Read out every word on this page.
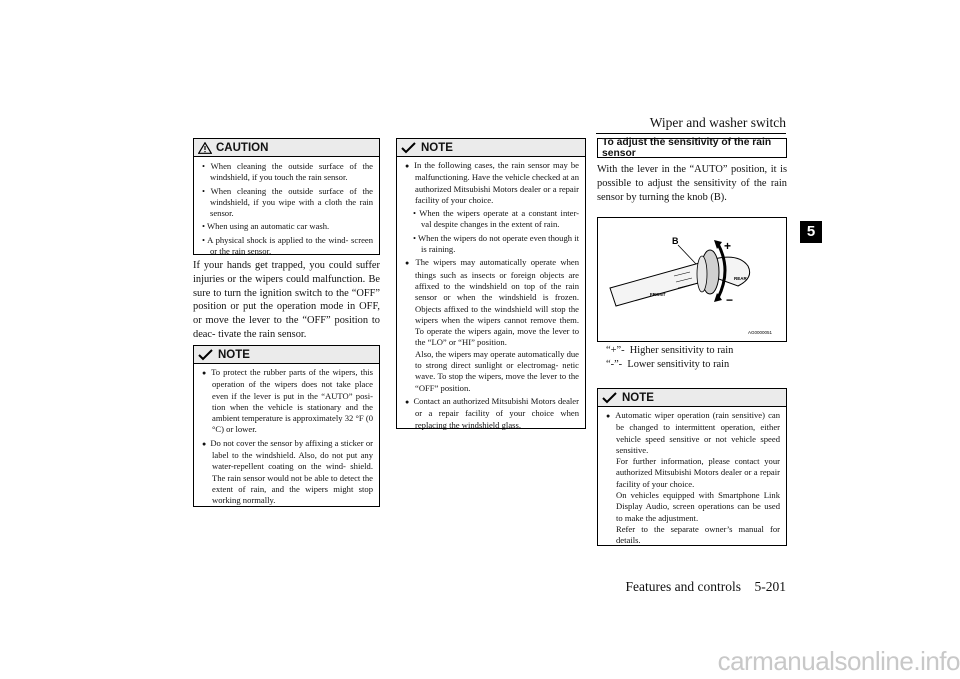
Wiper and washer switch
5
CAUTION

• When cleaning the outside surface of the windshield, if you touch the rain sensor.

• When cleaning the outside surface of the windshield, if you wipe with a cloth the rain sensor.

• When using an automatic car wash.

• A physical shock is applied to the wind- screen or the rain sensor.

If your hands get trapped, you could suffer injuries or the wipers could malfunction. Be sure to turn the ignition switch to the “OFF” position or put the operation mode in OFF, or move the lever to the “OFF” position to deac- tivate the rain sensor.
NOTE

● To protect the rubber parts of the wipers, this operation of the wipers does not take place even if the lever is put in the “AUTO” posi- tion when the vehicle is stationary and the ambient temperature is approximately 32 °F (0 °C) or lower.

● Do not cover the sensor by affixing a sticker or label to the windshield. Also, do not put any water-repellent coating on the wind- shield. The rain sensor would not be able to detect the extent of rain, and the wipers might stop working normally.

NOTE

● In the following cases, the rain sensor may be malfunctioning. Have the vehicle checked at an authorized Mitsubishi Motors dealer or a repair facility of your choice.

• When the wipers operate at a constant inter- val despite changes in the extent of rain.

• When the wipers do not operate even though it is raining.

● The wipers may automatically operate when things such as insects or foreign objects are affixed to the windshield on top of the rain sensor or when the windshield is frozen. Objects affixed to the windshield will stop the wipers when the wipers cannot remove them. To operate the wipers again, move the lever to the “LO” or “HI” position.

Also, the wipers may operate automatically due to strong direct sunlight or electromag- netic wave. To stop the wipers, move the lever to the “OFF” position.

● Contact an authorized Mitsubishi Motors dealer or a repair facility of your choice when replacing the windshield glass.

To adjust the sensitivity of the rain sensor
With the lever in the “AUTO” position, it is possible to adjust the sensitivity of the rain sensor by turning the knob (B).
B	+
−
FRONT
REAR
AG0000051
“+”- Higher sensitivity to rain
“-”- Lower sensitivity to rain
NOTE

● Automatic wiper operation (rain sensitive) can be changed to intermittent operation, either vehicle speed sensitive or not vehicle speed sensitive.

For further information, please contact your authorized Mitsubishi Motors dealer or a repair facility of your choice.

On vehicles equipped with Smartphone Link Display Audio, screen operations can be used to make the adjustment.

Refer to the separate owner’s manual for details.

Features and controls 5-201
carmanualsonline.info
